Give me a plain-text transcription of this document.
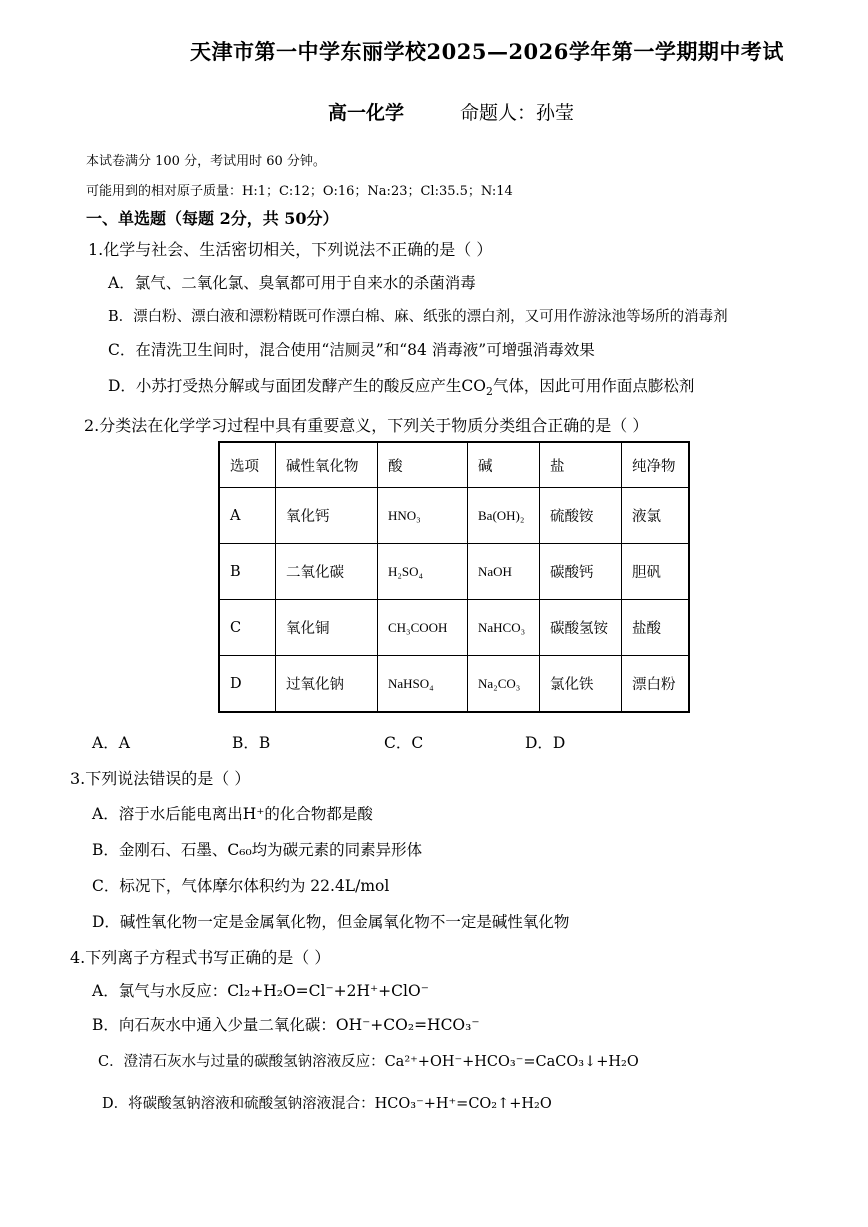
天津市第一中学东丽学校2025—2026学年第一学期期中考试
高一化学	命题人：孙莹
本试卷满分 100 分，考试用时 60 分钟。
可能用到的相对原子质量：H:1；C:12；O:16；Na:23；Cl:35.5；N:14
一、单选题（每题 2分，共 50分）
1.化学与社会、生活密切相关，下列说法不正确的是（ ）
A．氯气、二氧化氯、臭氧都可用于自来水的杀菌消毒
B．漂白粉、漂白液和漂粉精既可作漂白棉、麻、纸张的漂白剂，又可用作游泳池等场所的消毒剂
C．在清洗卫生间时，混合使用“洁厕灵”和“84 消毒液”可增强消毒效果
D．小苏打受热分解或与面团发酵产生的酸反应产生$CO_2$气体，因此可用作面点膨松剂
2.分类法在化学学习过程中具有重要意义，下列关于物质分类组合正确的是（ ）
选项	碱性氧化物	酸	碱	盐	纯净物
A	氧化钙	HNO₃	Ba(OH)₂	硫酸铵	液氯
B	二氧化碳	H₂SO₄	NaOH	碳酸钙	胆矾
C	氧化铜	CH₃COOH	NaHCO₃	碳酸氢铵	盐酸
D	过氧化钠	NaHSO₄	Na₂CO₃	氯化铁	漂白粉
A．A	B．B	C．C	D．D
3.下列说法错误的是（ ）
A．溶于水后能电离出H⁺的化合物都是酸
B．金刚石、石墨、C₆₀均为碳元素的同素异形体
C．标况下，气体摩尔体积约为 22.4L/mol
D．碱性氧化物一定是金属氧化物，但金属氧化物不一定是碱性氧化物
4.下列离子方程式书写正确的是（ ）
A．氯气与水反应：Cl₂+H₂O=Cl⁻+2H⁺+ClO⁻
B．向石灰水中通入少量二氧化碳：OH⁻+CO₂=HCO₃⁻
C．澄清石灰水与过量的碳酸氢钠溶液反应：Ca²⁺+OH⁻+HCO₃⁻=CaCO₃↓+H₂O
D．将碳酸氢钠溶液和硫酸氢钠溶液混合：HCO₃⁻+H⁺=CO₂↑+H₂O
